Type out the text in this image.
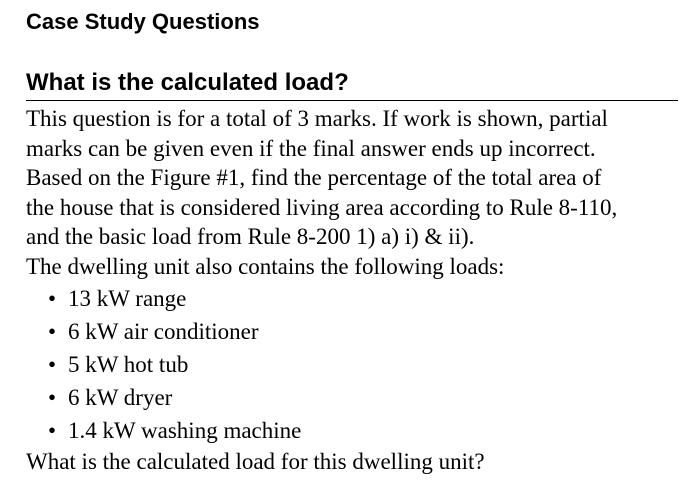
Case Study Questions
What is the calculated load?
This question is for a total of 3 marks. If work is shown, partial
marks can be given even if the final answer ends up incorrect.
Based on the Figure #1, find the percentage of the total area of
the house that is considered living area according to Rule 8-110,
and the basic load from Rule 8-200 1) a) i) & ii).
The dwelling unit also contains the following loads:
• 13 kW range
• 6 kW air conditioner
• 5 kW hot tub
• 6 kW dryer
• 1.4 kW washing machine
What is the calculated load for this dwelling unit?
